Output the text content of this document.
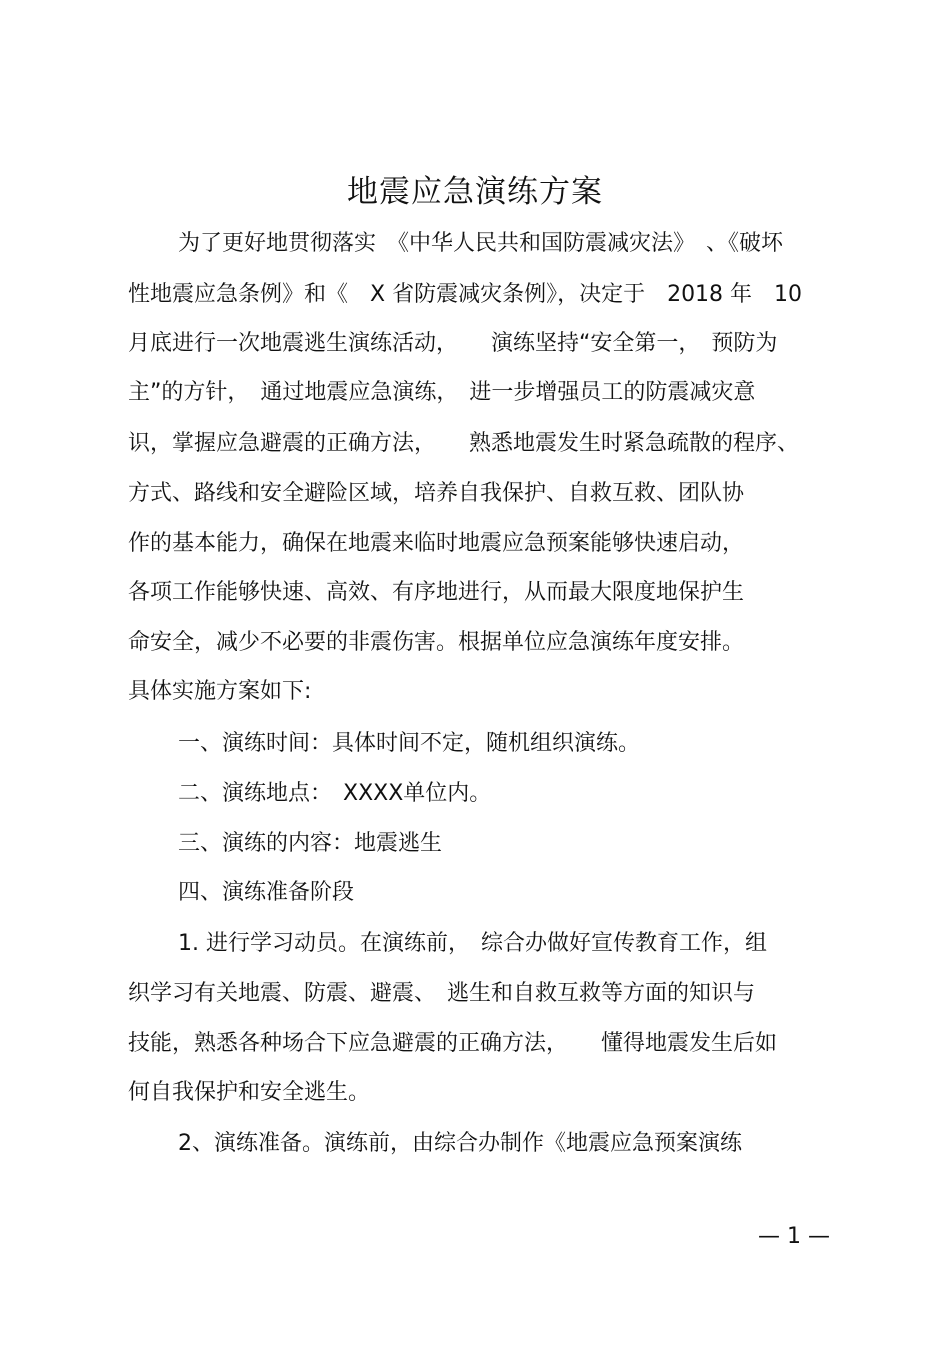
地震应急演练方案
为了更好地贯彻落实　《中华人民共和国防震减灾法》　、《破坏
性地震应急条例》和《　X 省防震减灾条例》，决定于　2018 年　10
月底进行一次地震逃生演练活动，　　演练坚持“安全第一，　预防为
主”的方针，　通过地震应急演练，　进一步增强员工的防震减灾意
识，掌握应急避震的正确方法，　　熟悉地震发生时紧急疏散的程序、
方式、路线和安全避险区域，培养自我保护、自救互救、团队协
作的基本能力，确保在地震来临时地震应急预案能够快速启动，
各项工作能够快速、高效、有序地进行，从而最大限度地保护生
命安全，减少不必要的非震伤害。根据单位应急演练年度安排。
具体实施方案如下:
一、演练时间：具体时间不定，随机组织演练。
二、演练地点：　XXXX单位内。
三、演练的内容：地震逃生
四、演练准备阶段
1. 进行学习动员。在演练前，　综合办做好宣传教育工作，组
织学习有关地震、防震、避震、　逃生和自救互救等方面的知识与
技能，熟悉各种场合下应急避震的正确方法，　　懂得地震发生后如
何自我保护和安全逃生。
2、演练准备。演练前，由综合办制作《地震应急预案演练
— 1 —
